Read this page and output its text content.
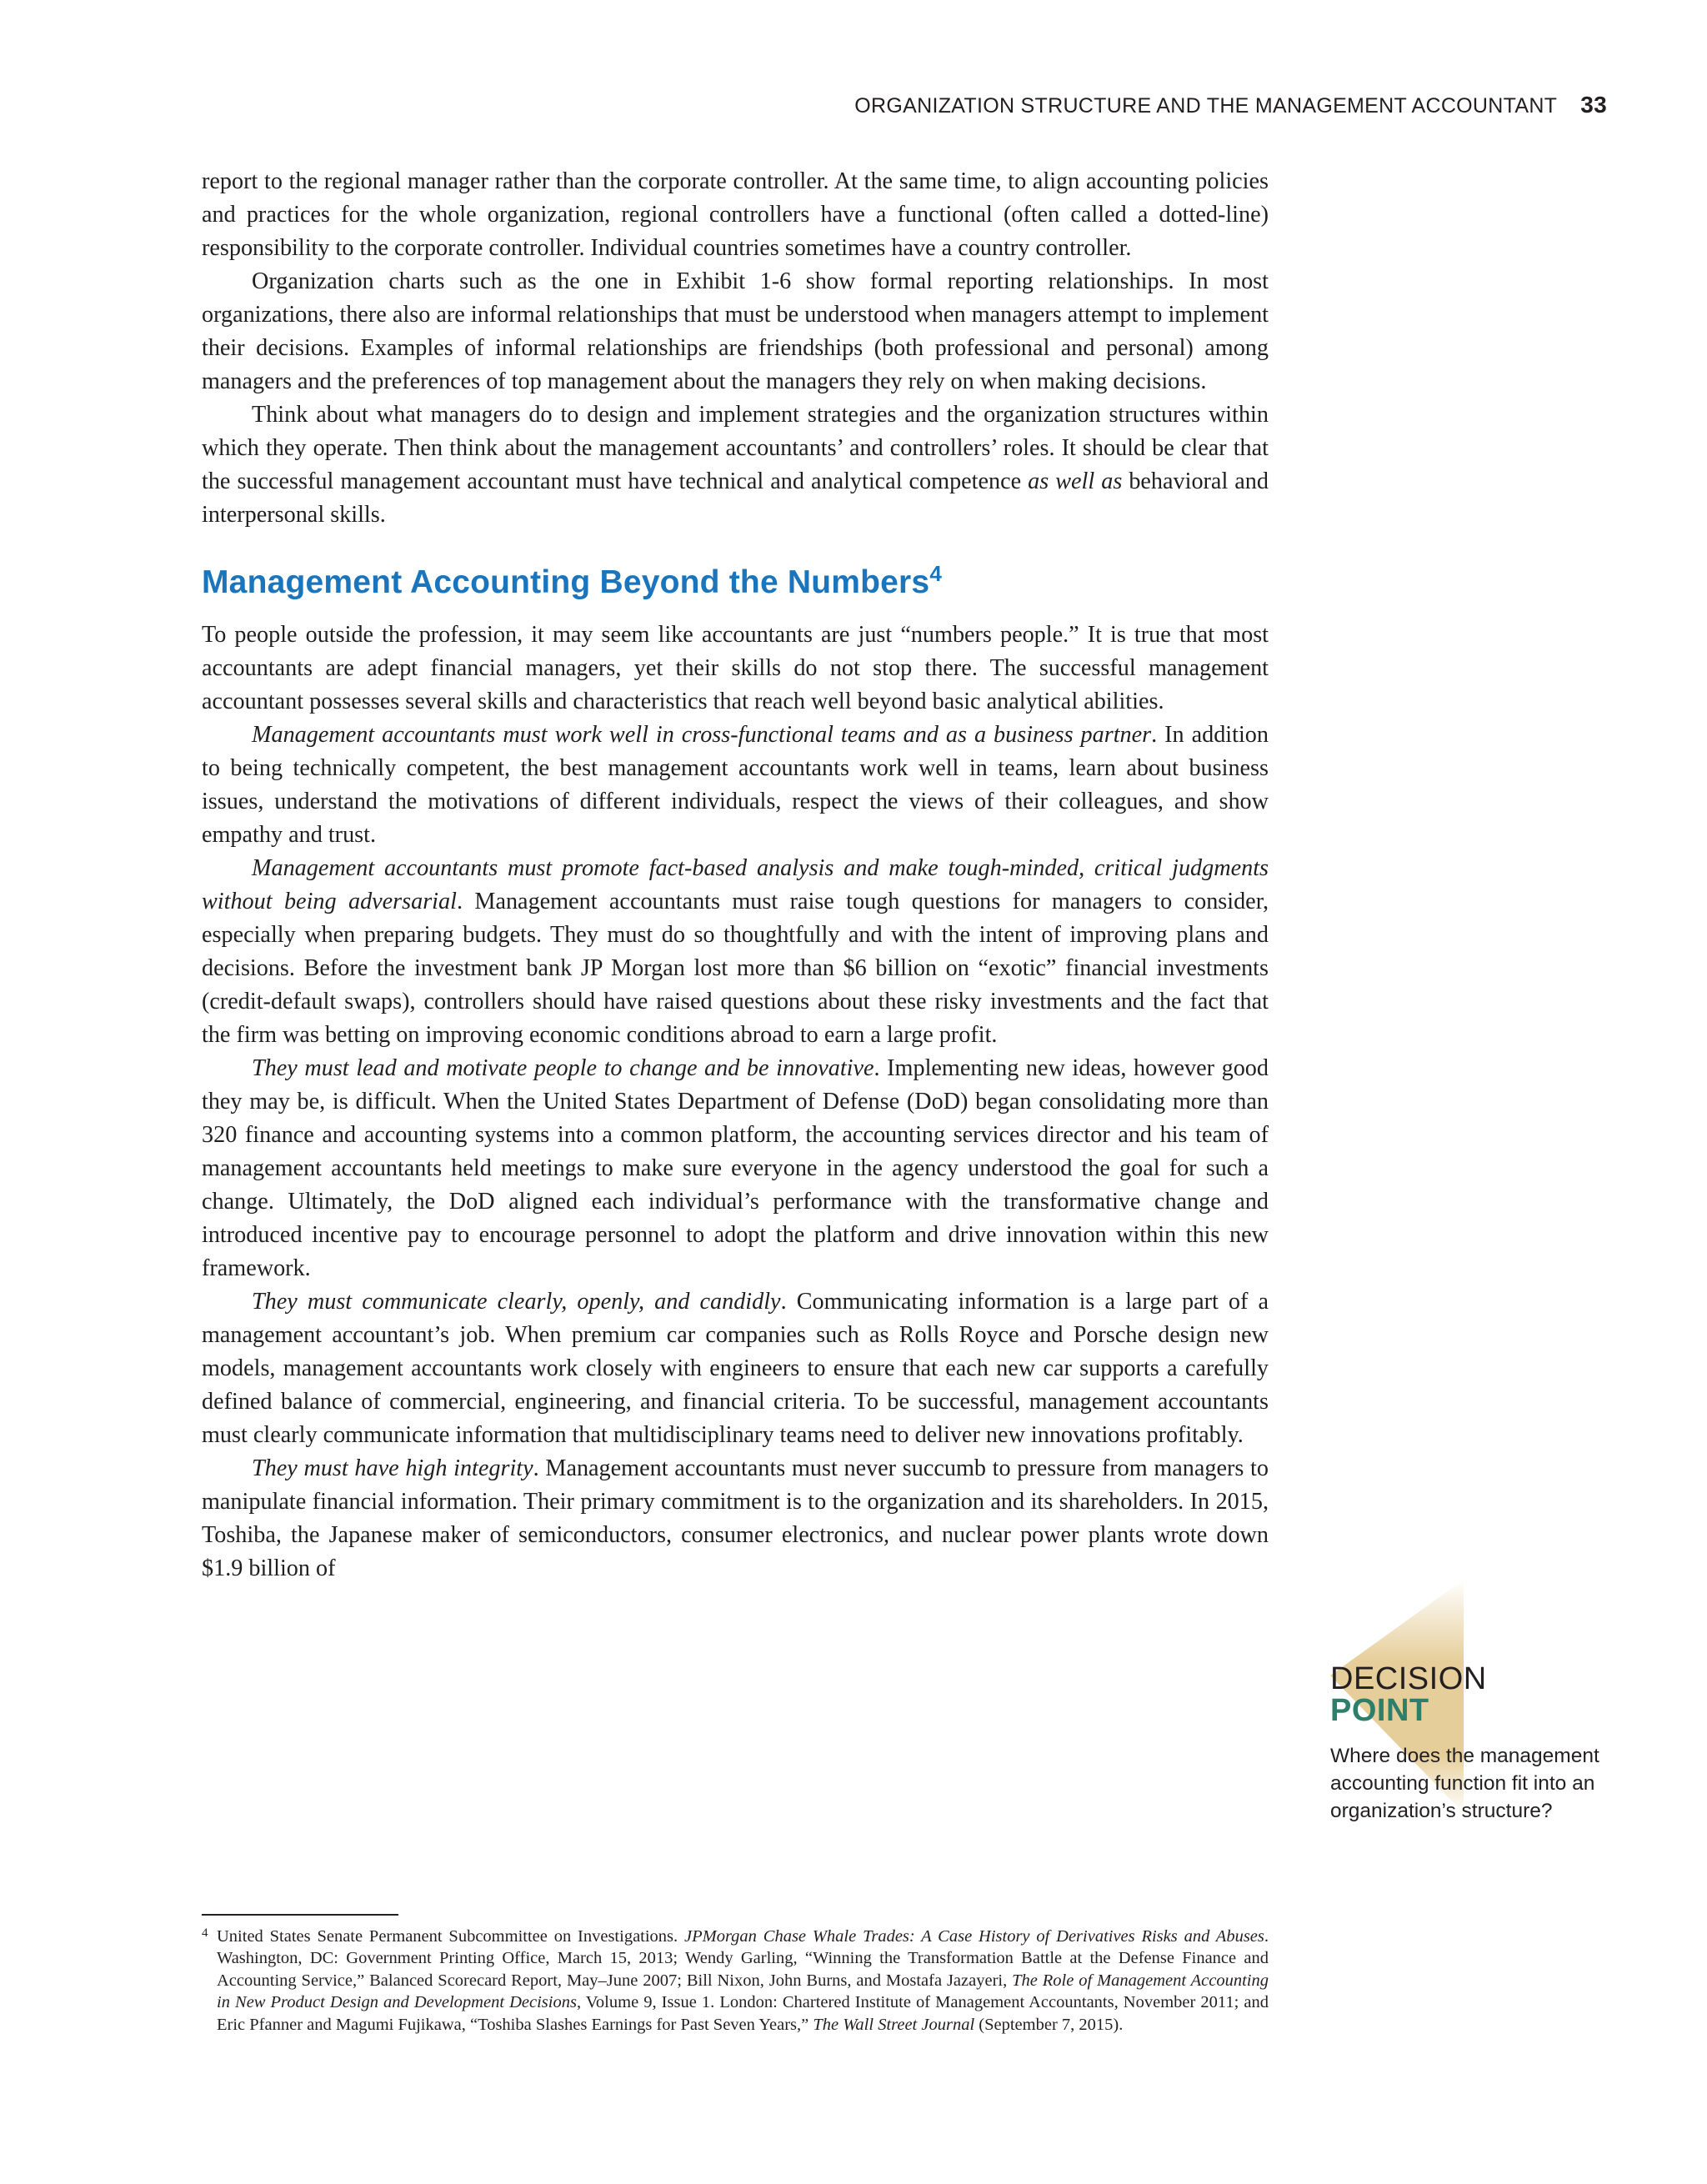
ORGANIZATION STRUCTURE AND THE MANAGEMENT ACCOUNTANT 33

report to the regional manager rather than the corporate controller. At the same time, to align accounting policies and practices for the whole organization, regional controllers have a functional (often called a dotted-line) responsibility to the corporate controller. Individual countries sometimes have a country controller.

Organization charts such as the one in Exhibit 1-6 show formal reporting relationships. In most organizations, there also are informal relationships that must be understood when managers attempt to implement their decisions. Examples of informal relationships are friendships (both professional and personal) among managers and the preferences of top management about the managers they rely on when making decisions.

Think about what managers do to design and implement strategies and the organization structures within which they operate. Then think about the management accountants’ and controllers’ roles. It should be clear that the successful management accountant must have technical and analytical competence as well as behavioral and interpersonal skills.

Management Accounting Beyond the Numbers$^4$

To people outside the profession, it may seem like accountants are just “numbers people.” It is true that most accountants are adept financial managers, yet their skills do not stop there. The successful management accountant possesses several skills and characteristics that reach well beyond basic analytical abilities.

Management accountants must work well in cross-functional teams and as a business partner. In addition to being technically competent, the best management accountants work well in teams, learn about business issues, understand the motivations of different individuals, respect the views of their colleagues, and show empathy and trust.

Management accountants must promote fact-based analysis and make tough-minded, critical judgments without being adversarial. Management accountants must raise tough questions for managers to consider, especially when preparing budgets. They must do so thoughtfully and with the intent of improving plans and decisions. Before the investment bank JP Morgan lost more than $6 billion on “exotic” financial investments (credit-default swaps), controllers should have raised questions about these risky investments and the fact that the firm was betting on improving economic conditions abroad to earn a large profit.

They must lead and motivate people to change and be innovative. Implementing new ideas, however good they may be, is difficult. When the United States Department of Defense (DoD) began consolidating more than 320 finance and accounting systems into a common platform, the accounting services director and his team of management accountants held meetings to make sure everyone in the agency understood the goal for such a change. Ultimately, the DoD aligned each individual’s performance with the transformative change and introduced incentive pay to encourage personnel to adopt the platform and drive innovation within this new framework.

They must communicate clearly, openly, and candidly. Communicating information is a large part of a management accountant’s job. When premium car companies such as Rolls Royce and Porsche design new models, management accountants work closely with engineers to ensure that each new car supports a carefully defined balance of commercial, engineering, and financial criteria. To be successful, management accountants must clearly communicate information that multidisciplinary teams need to deliver new innovations profitably.

They must have high integrity. Management accountants must never succumb to pressure from managers to manipulate financial information. Their primary commitment is to the organization and its shareholders. In 2015, Toshiba, the Japanese maker of semiconductors, consumer electronics, and nuclear power plants wrote down $1.9 billion of

DECISION
POINT
Where does the management accounting function fit into an organization’s structure?
4 United States Senate Permanent Subcommittee on Investigations. JPMorgan Chase Whale Trades: A Case History of Derivatives Risks and Abuses. Washington, DC: Government Printing Office, March 15, 2013; Wendy Garling, “Winning the Transformation Battle at the Defense Finance and Accounting Service,” Balanced Scorecard Report, May–June 2007; Bill Nixon, John Burns, and Mostafa Jazayeri, The Role of Management Accounting in New Product Design and Development Decisions, Volume 9, Issue 1. London: Chartered Institute of Management Accountants, November 2011; and Eric Pfanner and Magumi Fujikawa, “Toshiba Slashes Earnings for Past Seven Years,” The Wall Street Journal (September 7, 2015).
